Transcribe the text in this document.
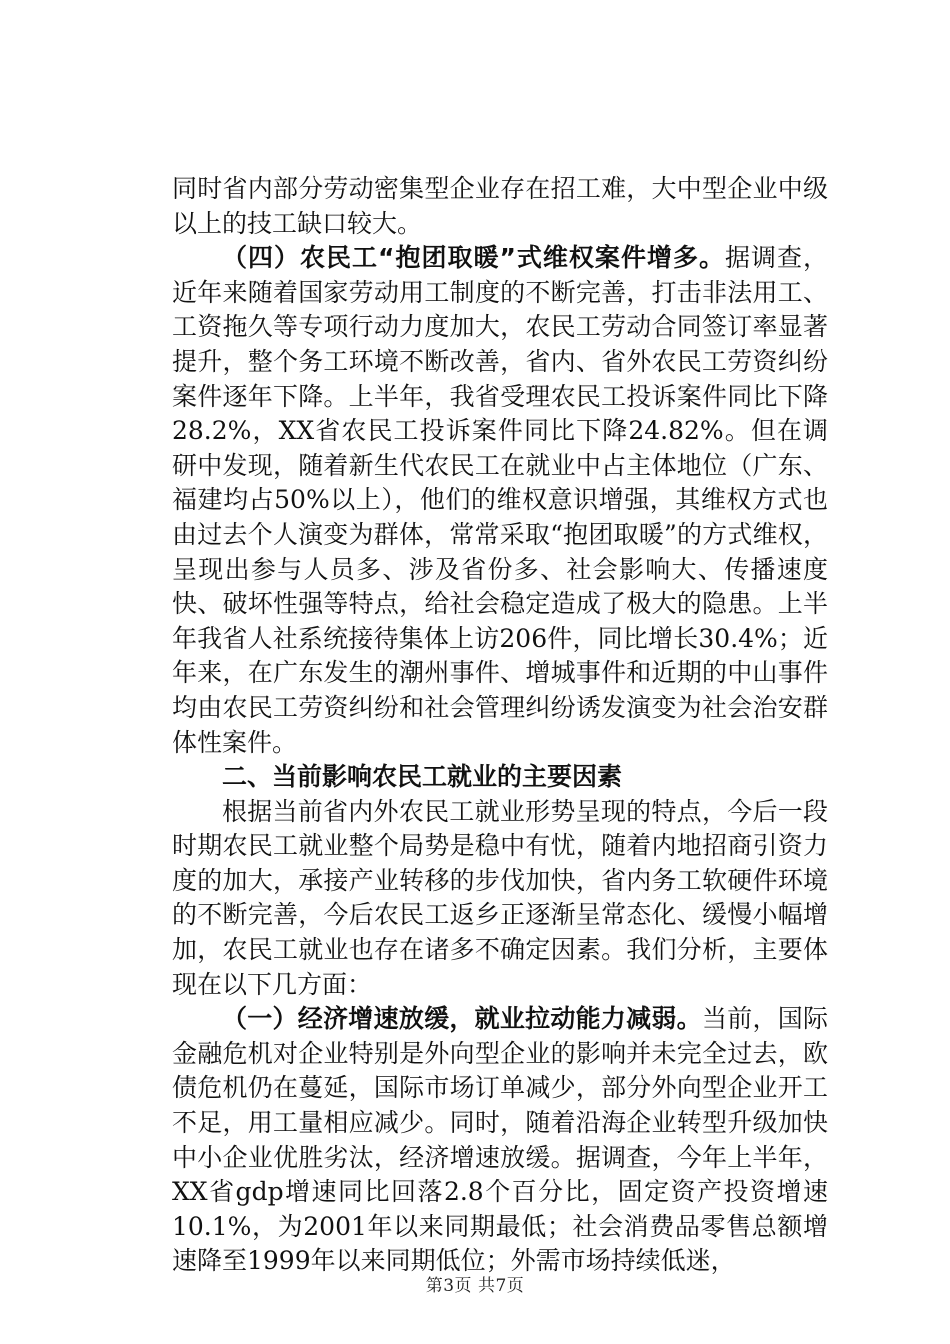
同时省内部分劳动密集型企业存在招工难，大中型企业中级以上的技工缺口较大。

（四）农民工“抱团取暖”式维权案件增多。据调查，近年来随着国家劳动用工制度的不断完善，打击非法用工、工资拖久等专项行动力度加大，农民工劳动合同签订率显著提升，整个务工环境不断改善，省内、省外农民工劳资纠纷案件逐年下降。上半年，我省受理农民工投诉案件同比下降28.2%，XX省农民工投诉案件同比下降24.82%。但在调研中发现，随着新生代农民工在就业中占主体地位（广东、福建均占50%以上），他们的维权意识增强，其维权方式也由过去个人演变为群体，常常采取“抱团取暖”的方式维权，呈现出参与人员多、涉及省份多、社会影响大、传播速度快、破坏性强等特点，给社会稳定造成了极大的隐患。上半年我省人社系统接待集体上访206件，同比增长30.4%；近年来，在广东发生的潮州事件、增城事件和近期的中山事件均由农民工劳资纠纷和社会管理纠纷诱发演变为社会治安群体性案件。

二、当前影响农民工就业的主要因素

根据当前省内外农民工就业形势呈现的特点，今后一段时期农民工就业整个局势是稳中有忧，随着内地招商引资力度的加大，承接产业转移的步伐加快，省内务工软硬件环境的不断完善，今后农民工返乡正逐渐呈常态化、缓慢小幅增加，农民工就业也存在诸多不确定因素。我们分析，主要体现在以下几方面：

（一）经济增速放缓，就业拉动能力减弱。当前，国际金融危机对企业特别是外向型企业的影响并未完全过去，欧债危机仍在蔓延，国际市场订单减少，部分外向型企业开工不足，用工量相应减少。同时，随着沿海企业转型升级加快中小企业优胜劣汰，经济增速放缓。据调查，今年上半年，XX省gdp增速同比回落2.8个百分比，固定资产投资增速10.1%，为2001年以来同期最低；社会消费品零售总额增速降至1999年以来同期低位；外需市场持续低迷，

第3页 共7页
